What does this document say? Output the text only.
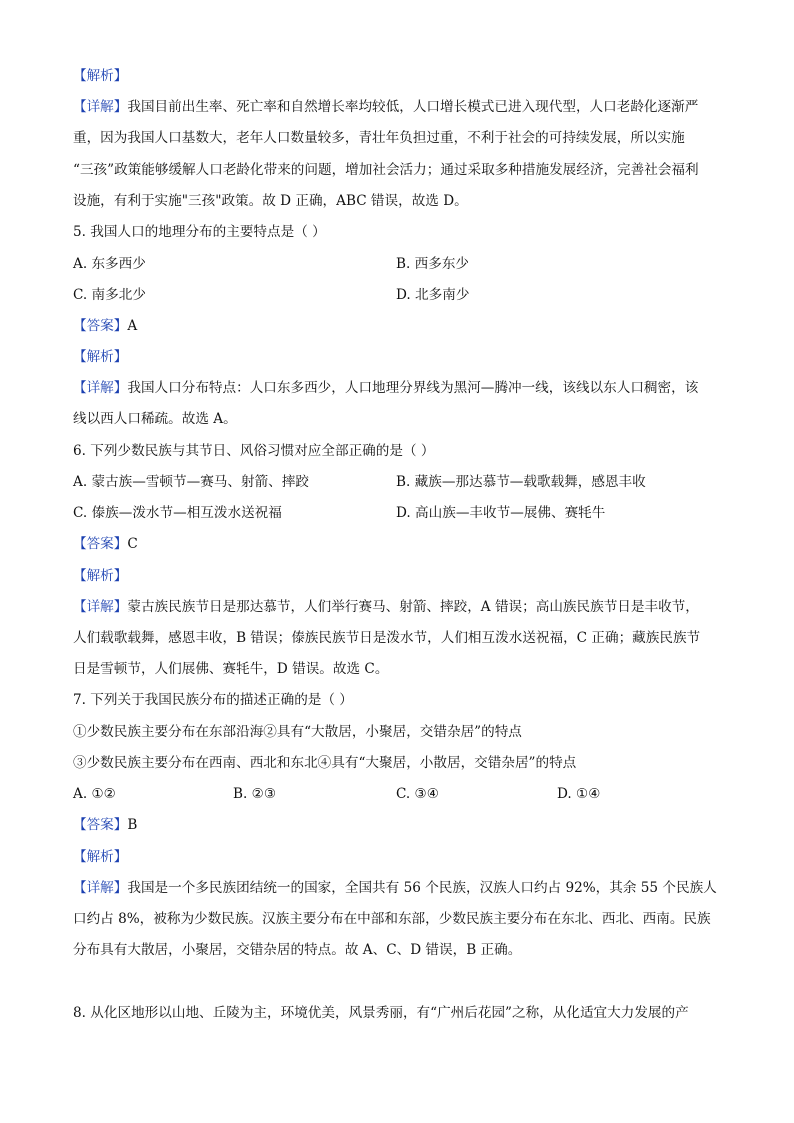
【解析】
【详解】我国目前出生率、死亡率和自然增长率均较低，人口增长模式已进入现代型，人口老龄化逐渐严
重，因为我国人口基数大，老年人口数量较多，青壮年负担过重，不利于社会的可持续发展，所以实施
“三孩”政策能够缓解人口老龄化带来的问题，增加社会活力；通过采取多种措施发展经济，完善社会福利
设施，有利于实施"三孩"政策。故 D 正确，ABC 错误，故选 D。
5. 我国人口的地理分布的主要特点是（ ）
A. 东多西少	B. 西多东少
C. 南多北少	D. 北多南少
【答案】A
【解析】
【详解】我国人口分布特点：人口东多西少，人口地理分界线为黑河—腾冲一线，该线以东人口稠密，该
线以西人口稀疏。故选 A。
6. 下列少数民族与其节日、风俗习惯对应全部正确的是（ ）
A. 蒙古族—雪顿节—赛马、射箭、摔跤	B. 藏族—那达慕节—载歌载舞，感恩丰收
C. 傣族—泼水节—相互泼水送祝福	D. 高山族—丰收节—展佛、赛牦牛
【答案】C
【解析】
【详解】蒙古族民族节日是那达慕节，人们举行赛马、射箭、摔跤，A 错误；高山族民族节日是丰收节，
人们载歌载舞，感恩丰收，B 错误；傣族民族节日是泼水节，人们相互泼水送祝福，C 正确；藏族民族节
日是雪顿节，人们展佛、赛牦牛，D 错误。故选 C。
7. 下列关于我国民族分布的描述正确的是（ ）
①少数民族主要分布在东部沿海②具有“大散居，小聚居，交错杂居”的特点
③少数民族主要分布在西南、西北和东北④具有“大聚居，小散居，交错杂居”的特点
A. ①②	B. ②③	C. ③④	D. ①④
【答案】B
【解析】
【详解】我国是一个多民族团结统一的国家，全国共有 56 个民族，汉族人口约占 92%，其余 55 个民族人
口约占 8%，被称为少数民族。汉族主要分布在中部和东部，少数民族主要分布在东北、西北、西南。民族
分布具有大散居，小聚居，交错杂居的特点。故 A、C、D 错误，B 正确。
8. 从化区地形以山地、丘陵为主，环境优美，风景秀丽，有“广州后花园”之称，从化适宜大力发展的产
